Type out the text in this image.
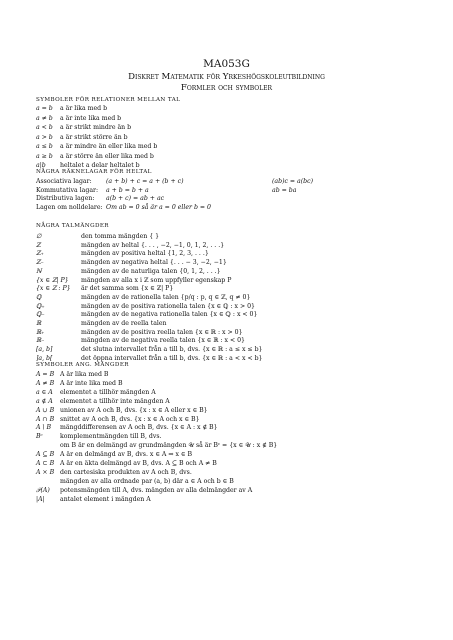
MA053G
Diskret Matematik för Yrkeshögskoleutbildning
Formler och symboler
SYMBOLER FÖR RELATIONER MELLAN TAL
a = b a är lika med b
a ≠ b a är inte lika med b
a < b a är strikt mindre än b
a > b a är strikt större än b
a ≤ b a är mindre än eller lika med b
a ≥ b a är större än eller lika med b
a|b heltalet a delar heltalet b
NÅGRA RÄKNELAGAR FÖR HELTAL
Associativa lagar: (a + b) + c = a + (b + c)	(ab)c = a(bc)
Kommutativa lagar: a + b = b + a	ab = ba
Distributiva lagen: a(b + c) = ab + ac
Lagen om nolldelare: Om ab = 0 så är a = 0 eller b = 0
NÅGRA TALMÄNGDER
∅	den tomma mängden { }
ℤ	mängden av heltal {. . . , −2, −1, 0, 1, 2, . . .}
ℤ₊	mängden av positiva heltal {1, 2, 3, . . .}
ℤ₋	mängden av negativa heltal {. . . − 3, −2, −1}
ℕ	mängden av de naturliga talen {0, 1, 2, . . .}
{x ∈ ℤ| P} mängden av alla x i ℤ som uppfyller egenskap P
{x ∈ ℤ : P} är det samma som {x ∈ ℤ| P}
ℚ	mängden av de rationella talen {p/q : p, q ∈ ℤ, q ≠ 0}
ℚ₊	mängden av de positiva rationella talen {x ∈ ℚ : x > 0}
ℚ₋	mängden av de negativa rationella talen {x ∈ ℚ : x < 0}
ℝ	mängden av de reella talen
ℝ₊	mängden av de positiva reella talen {x ∈ ℝ : x > 0}
ℝ₋	mängden av de negativa reella talen {x ∈ ℝ : x < 0}
[a, b]	det slutna intervallet från a till b, dvs. {x ∈ ℝ : a ≤ x ≤ b}
]a, b[	det öppna intervallet från a till b, dvs. {x ∈ ℝ : a < x < b}
SYMBOLER ANG. MÄNGDER
A = B A är lika med B
A ≠ B A är inte lika med B
a ∈ A elementet a tillhör mängden A
a ∉ A elementet a tillhör inte mängden A
A ∪ B unionen av A och B, dvs. {x : x ∈ A eller x ∈ B}
A ∩ B snittet av A och B, dvs. {x : x ∈ A och x ∈ B}
A \ B mängddifferensen av A och B, dvs. {x ∈ A : x ∉ B}
Bᶜ	komplementmängden till B, dvs.
om B är en delmängd av grundmängden 𝒰 så är Bᶜ = {x ∈ 𝒰 : x ∉ B}
A ⊆ B A är en delmängd av B, dvs. x ∈ A ⇒ x ∈ B
A ⊂ B A är en äkta delmängd av B, dvs. A ⊆ B och A ≠ B
A × B den cartesiska produkten av A och B, dvs.
mängden av alla ordnade par (a, b) där a ∈ A och b ∈ B
𝒫(A) potensmängden till A, dvs. mängden av alla delmängder av A
|A| antalet element i mängden A
